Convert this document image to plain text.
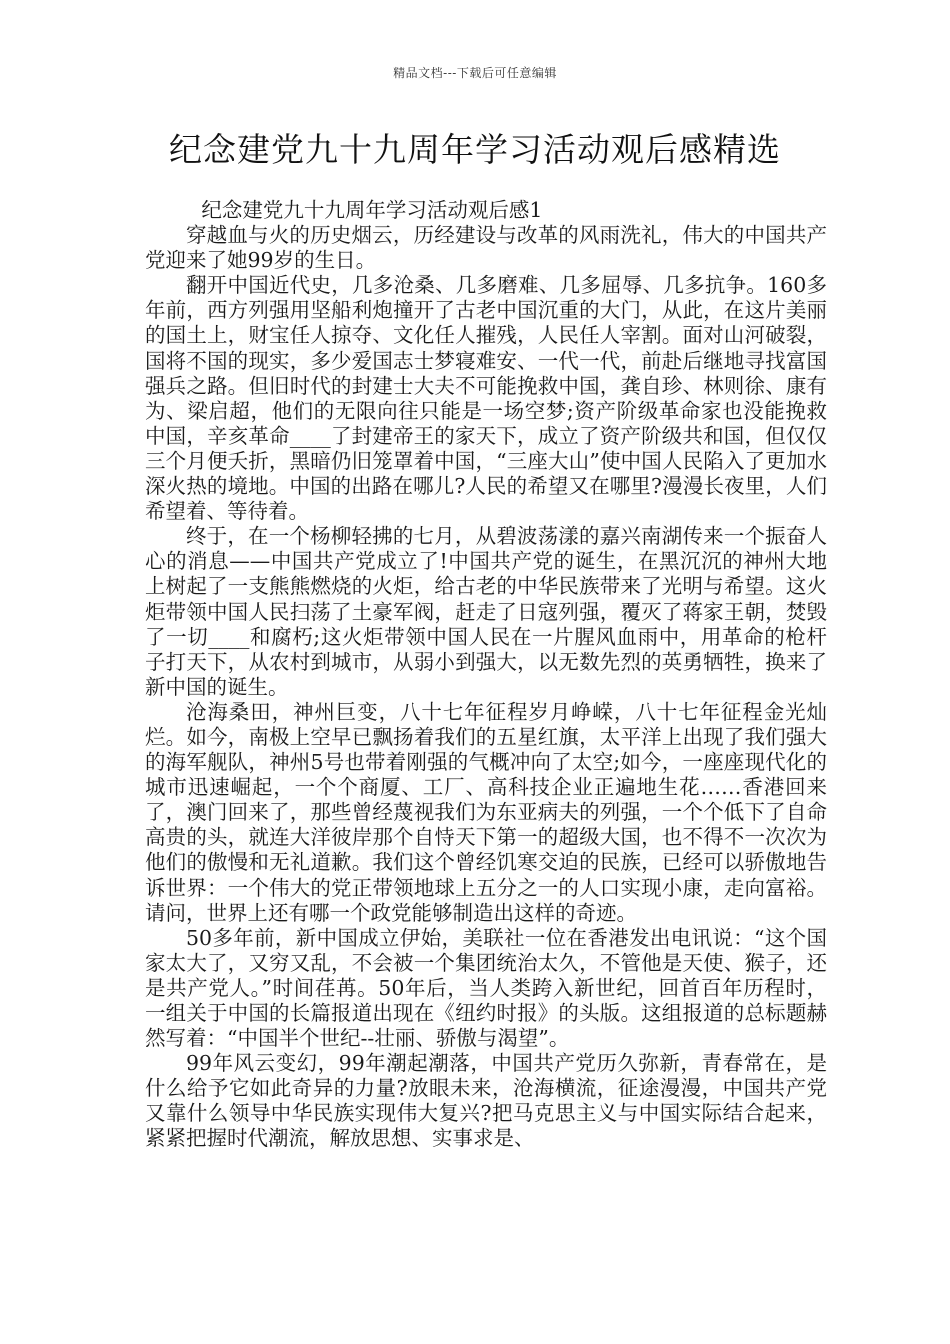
精品文档---下载后可任意编辑
纪念建党九十九周年学习活动观后感精选

纪念建党九十九周年学习活动观后感1

穿越血与火的历史烟云，历经建设与改革的风雨洗礼，伟大的中国共产党迎来了她99岁的生日。

翻开中国近代史，几多沧桑、几多磨难、几多屈辱、几多抗争。160多年前，西方列强用坚船利炮撞开了古老中国沉重的大门，从此，在这片美丽的国土上，财宝任人掠夺、文化任人摧残，人民任人宰割。面对山河破裂，国将不国的现实，多少爱国志士梦寝难安、一代一代，前赴后继地寻找富国强兵之路。但旧时代的封建士大夫不可能挽救中国，龚自珍、林则徐、康有为、梁启超，他们的无限向往只能是一场空梦;资产阶级革命家也没能挽救中国，辛亥革命____了封建帝王的家天下，成立了资产阶级共和国，但仅仅三个月便夭折，黑暗仍旧笼罩着中国，“三座大山”使中国人民陷入了更加水深火热的境地。中国的出路在哪儿?人民的希望又在哪里?漫漫长夜里，人们希望着、等待着。

终于，在一个杨柳轻拂的七月，从碧波荡漾的嘉兴南湖传来一个振奋人心的消息——中国共产党成立了!中国共产党的诞生，在黑沉沉的神州大地上树起了一支熊熊燃烧的火炬，给古老的中华民族带来了光明与希望。这火炬带领中国人民扫荡了土豪军阀，赶走了日寇列强，覆灭了蒋家王朝，焚毁了一切____和腐朽;这火炬带领中国人民在一片腥风血雨中，用革命的枪杆子打天下，从农村到城市，从弱小到强大，以无数先烈的英勇牺牲，换来了新中国的诞生。

沧海桑田，神州巨变，八十七年征程岁月峥嵘，八十七年征程金光灿烂。如今，南极上空早已飘扬着我们的五星红旗，太平洋上出现了我们强大的海军舰队，神州5号也带着刚强的气概冲向了太空;如今，一座座现代化的城市迅速崛起，一个个商厦、工厂、高科技企业正遍地生花……香港回来了，澳门回来了，那些曾经蔑视我们为东亚病夫的列强，一个个低下了自命高贵的头，就连大洋彼岸那个自恃天下第一的超级大国，也不得不一次次为他们的傲慢和无礼道歉。我们这个曾经饥寒交迫的民族，已经可以骄傲地告诉世界：一个伟大的党正带领地球上五分之一的人口实现小康，走向富裕。请问，世界上还有哪一个政党能够制造出这样的奇迹。

50多年前，新中国成立伊始，美联社一位在香港发出电讯说：“这个国家太大了，又穷又乱，不会被一个集团统治太久，不管他是天使、猴子，还是共产党人。”时间荏苒。50年后，当人类跨入新世纪，回首百年历程时，一组关于中国的长篇报道出现在《纽约时报》的头版。这组报道的总标题赫然写着：“中国半个世纪--壮丽、骄傲与渴望”。

99年风云变幻，99年潮起潮落，中国共产党历久弥新，青春常在，是什么给予它如此奇异的力量?放眼未来，沧海横流，征途漫漫，中国共产党又靠什么领导中华民族实现伟大复兴?把马克思主义与中国实际结合起来，紧紧把握时代潮流，解放思想、实事求是、
